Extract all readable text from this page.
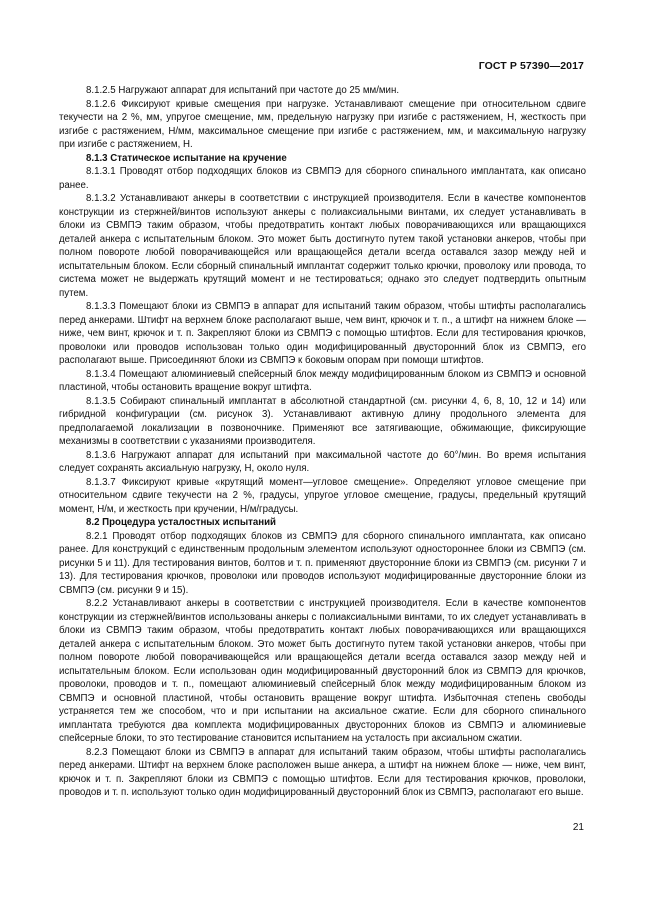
ГОСТ Р 57390—2017

8.1.2.5 Нагружают аппарат для испытаний при частоте до 25 мм/мин.

8.1.2.6 Фиксируют кривые смещения при нагрузке. Устанавливают смещение при относительном сдвиге текучести на 2 %, мм, упругое смещение, мм, предельную нагрузку при изгибе с растяжением, Н, жесткость при изгибе с растяжением, Н/мм, максимальное смещение при изгибе с растяжением, мм, и максимальную нагрузку при изгибе с растяжением, Н.

8.1.3 Статическое испытание на кручение

8.1.3.1 Проводят отбор подходящих блоков из СВМПЭ для сборного спинального имплантата, как описано ранее.

8.1.3.2 Устанавливают анкеры в соответствии с инструкцией производителя. Если в качестве компонентов конструкции из стержней/винтов используют анкеры с полиаксиальными винтами, их следует устанавливать в блоки из СВМПЭ таким образом, чтобы предотвратить контакт любых поворачивающихся или вращающихся деталей анкера с испытательным блоком. Это может быть достигнуто путем такой установки анкеров, чтобы при полном повороте любой поворачивающейся или вращающейся детали всегда оставался зазор между ней и испытательным блоком. Если сборный спинальный имплантат содержит только крючки, проволоку или провода, то система может не выдержать крутящий момент и не тестироваться; однако это следует подтвердить опытным путем.

8.1.3.3 Помещают блоки из СВМПЭ в аппарат для испытаний таким образом, чтобы штифты располагались перед анкерами. Штифт на верхнем блоке располагают выше, чем винт, крючок и т. п., а штифт на нижнем блоке — ниже, чем винт, крючок и т. п. Закрепляют блоки из СВМПЭ с помощью штифтов. Если для тестирования крючков, проволоки или проводов использован только один модифицированный двусторонний блок из СВМПЭ, его располагают выше. Присоединяют блоки из СВМПЭ к боковым опорам при помощи штифтов.

8.1.3.4 Помещают алюминиевый спейсерный блок между модифицированным блоком из СВМПЭ и основной пластиной, чтобы остановить вращение вокруг штифта.

8.1.3.5 Собирают спинальный имплантат в абсолютной стандартной (см. рисунки 4, 6, 8, 10, 12 и 14) или гибридной конфигурации (см. рисунок 3). Устанавливают активную длину продольного элемента для предполагаемой локализации в позвоночнике. Применяют все затягивающие, обжимающие, фиксирующие механизмы в соответствии с указаниями производителя.

8.1.3.6 Нагружают аппарат для испытаний при максимальной частоте до 60°/мин. Во время испытания следует сохранять аксиальную нагрузку, Н, около нуля.

8.1.3.7 Фиксируют кривые «крутящий момент—угловое смещение». Определяют угловое смещение при относительном сдвиге текучести на 2 %, градусы, упругое угловое смещение, градусы, предельный крутящий момент, Н/м, и жесткость при кручении, Н/м/градусы.

8.2 Процедура усталостных испытаний

8.2.1 Проводят отбор подходящих блоков из СВМПЭ для сборного спинального имплантата, как описано ранее. Для конструкций с единственным продольным элементом используют одностороннее блоки из СВМПЭ (см. рисунки 5 и 11). Для тестирования винтов, болтов и т. п. применяют двусторонние блоки из СВМПЭ (см. рисунки 7 и 13). Для тестирования крючков, проволоки или проводов используют модифицированные двусторонние блоки из СВМПЭ (см. рисунки 9 и 15).

8.2.2 Устанавливают анкеры в соответствии с инструкцией производителя. Если в качестве компонентов конструкции из стержней/винтов использованы анкеры с полиаксиальными винтами, то их следует устанавливать в блоки из СВМПЭ таким образом, чтобы предотвратить контакт любых поворачивающихся или вращающихся деталей анкера с испытательным блоком. Это может быть достигнуто путем такой установки анкеров, чтобы при полном повороте любой поворачивающейся или вращающейся детали всегда оставался зазор между ней и испытательным блоком. Если использован один модифицированный двусторонний блок из СВМПЭ для крючков, проволоки, проводов и т. п., помещают алюминиевый спейсерный блок между модифицированным блоком из СВМПЭ и основной пластиной, чтобы остановить вращение вокруг штифта. Избыточная степень свободы устраняется тем же способом, что и при испытании на аксиальное сжатие. Если для сборного спинального имплантата требуются два комплекта модифицированных двусторонних блоков из СВМПЭ и алюминиевые спейсерные блоки, то это тестирование становится испытанием на усталость при аксиальном сжатии.

8.2.3 Помещают блоки из СВМПЭ в аппарат для испытаний таким образом, чтобы штифты располагались перед анкерами. Штифт на верхнем блоке расположен выше анкера, а штифт на нижнем блоке — ниже, чем винт, крючок и т. п. Закрепляют блоки из СВМПЭ с помощью штифтов. Если для тестирования крючков, проволоки, проводов и т. п. используют только один модифицированный двусторонний блок из СВМПЭ, располагают его выше.

21
